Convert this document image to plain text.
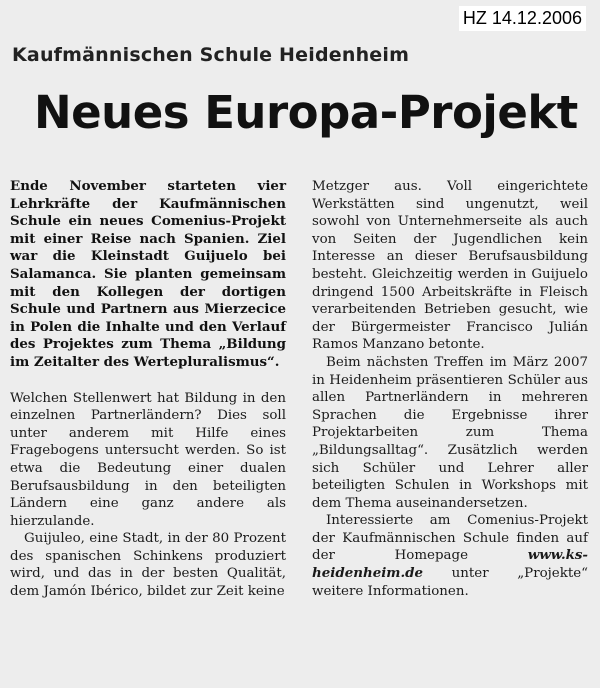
Kaufmännischen Schule Heidenheim
Neues Europa-Projekt

Ende November starteten vier Lehrkräfte der Kaufmännischen Schule ein neues Comenius-Projekt mit einer Reise nach Spanien. Ziel war die Kleinstadt Guijuelo bei Salamanca. Sie planten gemeinsam mit den Kollegen der dortigen Schule und Partnern aus Mierzecice in Polen die Inhalte und den Verlauf des Projektes zum Thema „Bildung im Zeitalter des Wertepluralismus“.

Welchen Stellenwert hat Bildung in den einzelnen Partnerländern? Dies soll unter anderem mit Hilfe eines Fragebogens untersucht werden. So ist etwa die Bedeutung einer dualen Berufsausbildung in den beteiligten Ländern eine ganz andere als hierzulande.

Guijuleo, eine Stadt, in der 80 Prozent des spanischen Schinkens produziert wird, und das in der besten Qualität, dem Jamón Ibérico, bildet zur Zeit keine

Metzger aus. Voll eingerichtete Werkstätten sind ungenutzt, weil sowohl von Unternehmerseite als auch von Seiten der Jugendlichen kein Interesse an dieser Berufsausbildung besteht. Gleichzeitig werden in Guijuelo dringend 1500 Arbeitskräfte in Fleisch verarbeitenden Betrieben gesucht, wie der Bürgermeister Francisco Julián Ramos Manzano betonte.

Beim nächsten Treffen im März 2007 in Heidenheim präsentieren Schüler aus allen Partnerländern in mehreren Sprachen die Ergebnisse ihrer Projektarbeiten zum Thema „Bildungsalltag“. Zusätzlich werden sich Schüler und Lehrer aller beteiligten Schulen in Workshops mit dem Thema auseinandersetzen.

Interessierte am Comenius-Projekt der Kaufmännischen Schule finden auf der Homepage	www.ks-heidenheim.de unter „Projekte“ weitere Informationen.

HZ 14.12.2006
